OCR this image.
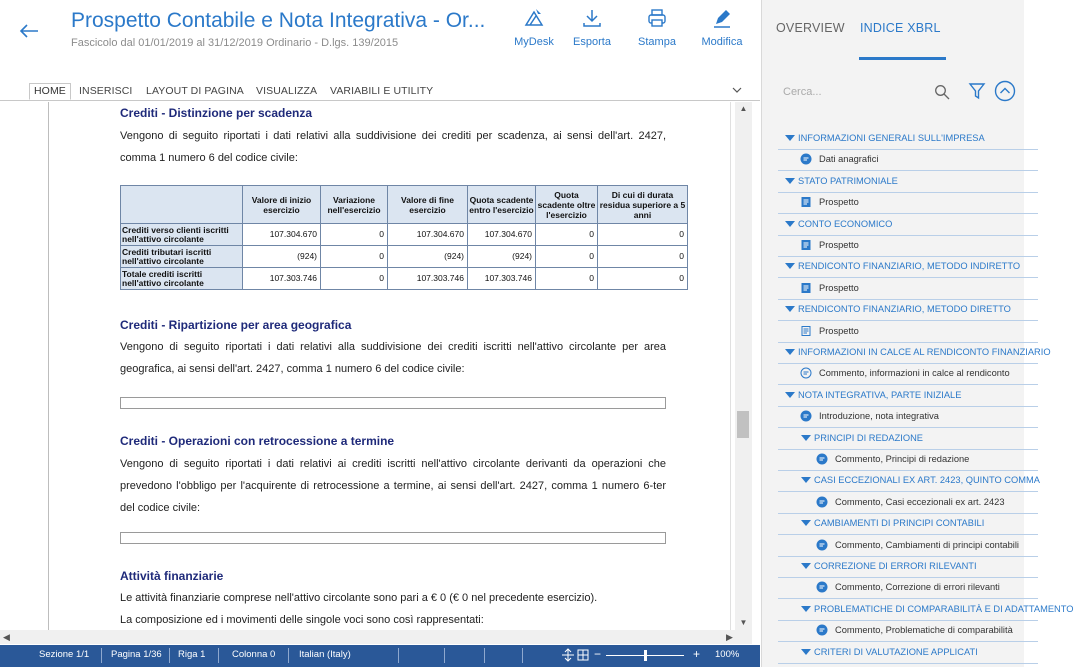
Prospetto Contabile e Nota Integrativa - Or...
Fascicolo dal 01/01/2019 al 31/12/2019 Ordinario - D.lgs. 139/2015	MyDesk	Esporta	Stampa	Modifica
HOME	INSERISCI LAYOUT DI PAGINA VISUALIZZA VARIABILI E UTILITY
Crediti - Distinzione per scadenza
Vengono di seguito riportati i dati relativi alla suddivisione dei crediti per scadenza, ai sensi dell'art. 2427, comma 1 numero 6 del codice civile:
	Valore di inizio esercizio	Variazione nell'esercizio	Valore di fine esercizio	Quota scadente entro l'esercizio	Quota scadente oltre l'esercizio	Di cui di durata residua superiore a 5 anni
Crediti verso clienti iscritti nell'attivo circolante	107.304.670	0	107.304.670	107.304.670	0	0
Crediti tributari iscritti nell'attivo circolante	(924)	0	(924)	(924)	0	0
Totale crediti iscritti nell'attivo circolante	107.303.746	0	107.303.746	107.303.746	0	0
Crediti - Ripartizione per area geografica
Vengono di seguito riportati i dati relativi alla suddivisione dei crediti iscritti nell'attivo circolante per area geografica, ai sensi dell'art. 2427, comma 1 numero 6 del codice civile:
Crediti - Operazioni con retrocessione a termine
Vengono di seguito riportati i dati relativi ai crediti iscritti nell'attivo circolante derivanti da operazioni che prevedono l'obbligo per l'acquirente di retrocessione a termine, ai sensi dell'art. 2427, comma 1 numero 6-ter del codice civile:
Attività finanziarie
Le attività finanziarie comprese nell'attivo circolante sono pari a € 0 (€ 0 nel precedente esercizio).
La composizione ed i movimenti delle singole voci sono così rappresentati:
▲
▼
◀	▶
Sezione 1/1 Pagina 1/36 Riga 1	Colonna 0 Italian (Italy)	−	+ 100%
OVERVIEW INDICE XBRL
Cerca...
INFORMAZIONI GENERALI SULL'IMPRESA
Dati anagrafici
STATO PATRIMONIALE
Prospetto
CONTO ECONOMICO
Prospetto
RENDICONTO FINANZIARIO, METODO INDIRETTO
Prospetto
RENDICONTO FINANZIARIO, METODO DIRETTO
Prospetto
INFORMAZIONI IN CALCE AL RENDICONTO FINANZIARIO
Commento, informazioni in calce al rendiconto
NOTA INTEGRATIVA, PARTE INIZIALE
Introduzione, nota integrativa
PRINCIPI DI REDAZIONE
Commento, Principi di redazione
CASI ECCEZIONALI EX ART. 2423, QUINTO COMMA
Commento, Casi eccezionali ex art. 2423
CAMBIAMENTI DI PRINCIPI CONTABILI
Commento, Cambiamenti di principi contabili
CORREZIONE DI ERRORI RILEVANTI
Commento, Correzione di errori rilevanti
PROBLEMATICHE DI COMPARABILITÀ E DI ADATTAMENTO
Commento, Problematiche di comparabilità
CRITERI DI VALUTAZIONE APPLICATI
